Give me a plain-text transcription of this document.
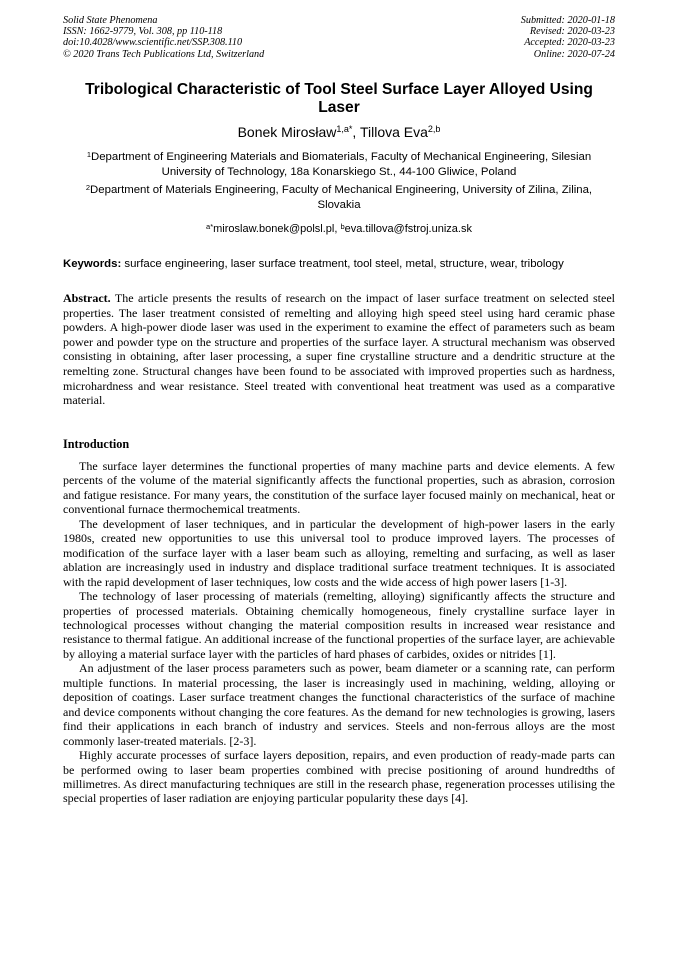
Solid State Phenomena
ISSN: 1662-9779, Vol. 308, pp 110-118
doi:10.4028/www.scientific.net/SSP.308.110
© 2020 Trans Tech Publications Ltd, Switzerland
Submitted: 2020-01-18
Revised: 2020-03-23
Accepted: 2020-03-23
Online: 2020-07-24
Tribological Characteristic of Tool Steel Surface Layer Alloyed Using Laser
Bonek Mirosław$^{1,a*}$, Tillova Eva$^{2,b}$
$^1$Department of Engineering Materials and Biomaterials, Faculty of Mechanical Engineering, Silesian University of Technology, 18a Konarskiego St., 44-100 Gliwice, Poland
$^2$Department of Materials Engineering, Faculty of Mechanical Engineering, University of Zilina, Zilina, Slovakia
$^{a*}$miroslaw.bonek@polsl.pl, $^b$eva.tillova@fstroj.uniza.sk
Keywords: surface engineering, laser surface treatment, tool steel, metal, structure, wear, tribology
Abstract. The article presents the results of research on the impact of laser surface treatment on selected steel properties. The laser treatment consisted of remelting and alloying high speed steel using hard ceramic phase powders. A high-power diode laser was used in the experiment to examine the effect of parameters such as beam power and powder type on the structure and properties of the surface layer. A structural mechanism was observed consisting in obtaining, after laser processing, a super fine crystalline structure and a dendritic structure at the remelting zone. Structural changes have been found to be associated with improved properties such as hardness, microhardness and wear resistance. Steel treated with conventional heat treatment was used as a comparative material.
Introduction

The surface layer determines the functional properties of many machine parts and device elements. A few percents of the volume of the material significantly affects the functional properties, such as abrasion, corrosion and fatigue resistance. For many years, the constitution of the surface layer focused mainly on mechanical, heat or conventional furnace thermochemical treatments.

The development of laser techniques, and in particular the development of high-power lasers in the early 1980s, created new opportunities to use this universal tool to produce improved layers. The processes of modification of the surface layer with a laser beam such as alloying, remelting and surfacing, as well as laser ablation are increasingly used in industry and displace traditional surface treatment techniques. It is associated with the rapid development of laser techniques, low costs and the wide access of high power lasers [1-3].

The technology of laser processing of materials (remelting, alloying) significantly affects the structure and properties of processed materials. Obtaining chemically homogeneous, finely crystalline surface layer in technological processes without changing the material composition results in increased wear resistance and resistance to thermal fatigue. An additional increase of the functional properties of the surface layer, are achievable by alloying a material surface layer with the particles of hard phases of carbides, oxides or nitrides [1].

An adjustment of the laser process parameters such as power, beam diameter or a scanning rate, can perform multiple functions. In material processing, the laser is increasingly used in machining, welding, alloying or deposition of coatings. Laser surface treatment changes the functional characteristics of the surface of machine and device components without changing the core features. As the demand for new technologies is growing, lasers find their applications in each branch of industry and services. Steels and non-ferrous alloys are the most commonly laser-treated materials. [2-3].

Highly accurate processes of surface layers deposition, repairs, and even production of ready-made parts can be performed owing to laser beam properties combined with precise positioning of around hundredths of millimetres. As direct manufacturing techniques are still in the research phase, regeneration processes utilising the special properties of laser radiation are enjoying particular popularity these days [4].
